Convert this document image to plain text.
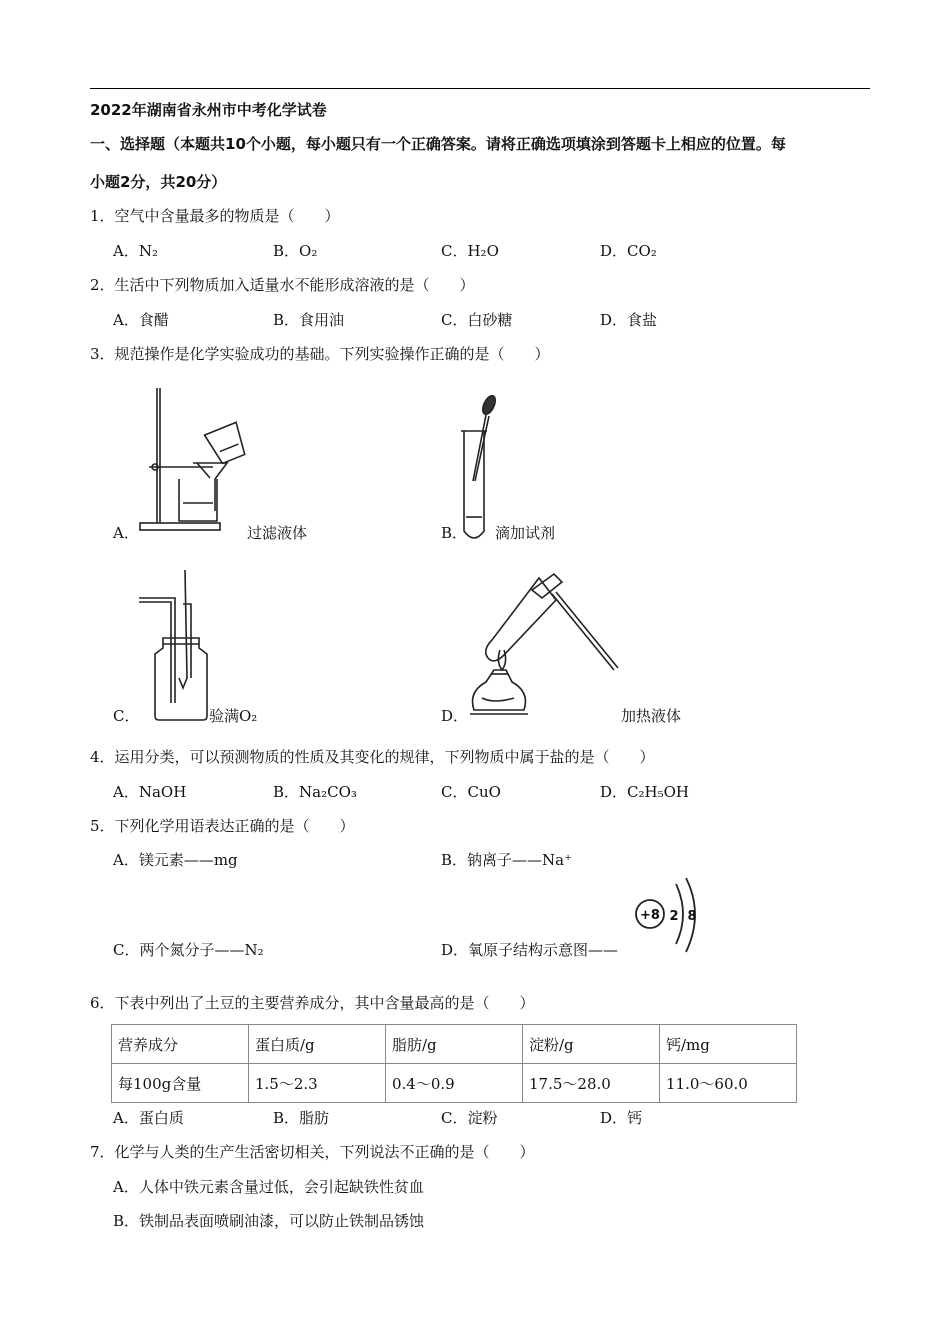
2022年湖南省永州市中考化学试卷
一、选择题（本题共10个小题，每小题只有一个正确答案。请将正确选项填涂到答题卡上相应的位置。每
小题2分，共20分）
1．空气中含量最多的物质是（　　）
A．N₂	B．O₂	C．H₂O	D．CO₂
2．生活中下列物质加入适量水不能形成溶液的是（　　）
A．食醋	B．食用油	C．白砂糖	D．食盐
3．规范操作是化学实验成功的基础。下列实验操作正确的是（　　）
A．	过滤液体	B． 滴加试剂
C．	验满O₂	D．	加热液体
4．运用分类，可以预测物质的性质及其变化的规律，下列物质中属于盐的是（　　）
A．NaOH	B．Na₂CO₃	C．CuO	D．C₂H₅OH
5．下列化学用语表达正确的是（　　）
A．镁元素——mg	B．钠离子——Na⁺
C．两个氮分子——N₂	D．氧原子结构示意图——
+8 2 8
6．下表中列出了土豆的主要营养成分，其中含量最高的是（　　）
营养成分	蛋白质/g	脂肪/g	淀粉/g	钙/mg
每100g含量	1.5～2.3	0.4～0.9	17.5～28.0	11.0～60.0
A．蛋白质	B．脂肪	C．淀粉	D．钙
7．化学与人类的生产生活密切相关，下列说法不正确的是（　　）
A．人体中铁元素含量过低，会引起缺铁性贫血
B．铁制品表面喷刷油漆，可以防止铁制品锈蚀
